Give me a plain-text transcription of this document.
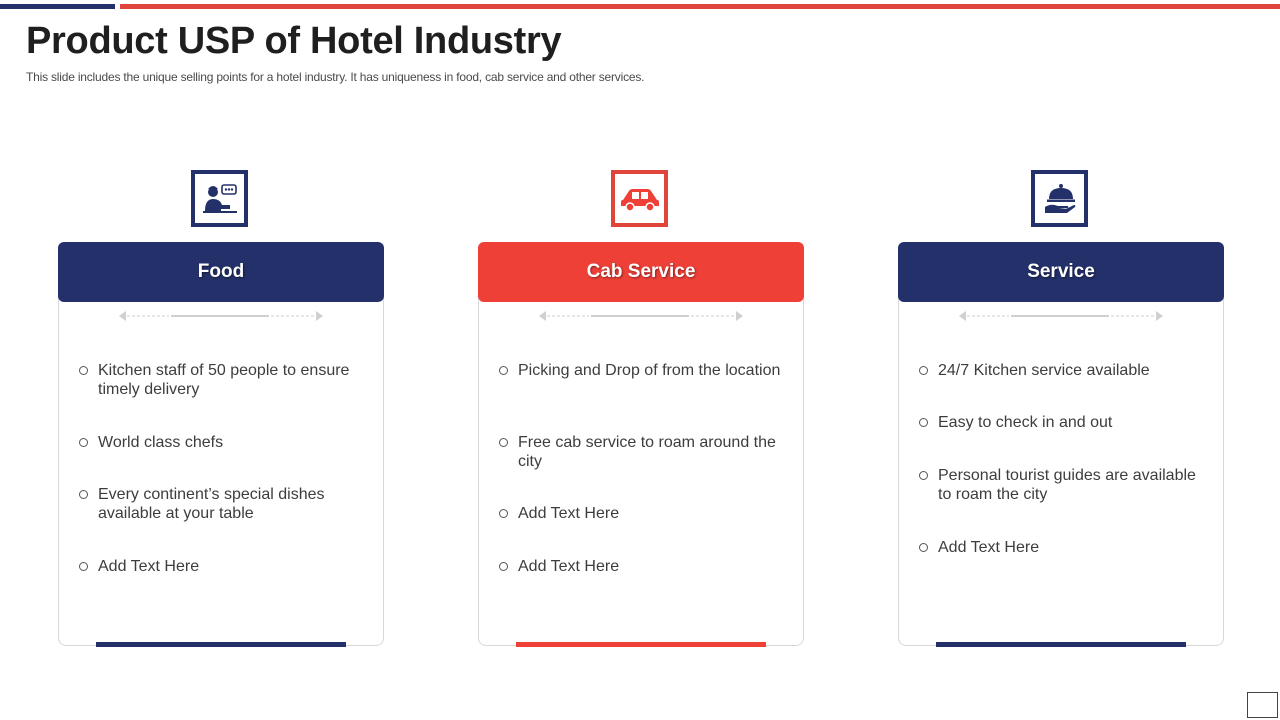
Product USP of Hotel Industry

This slide includes the unique selling points for a hotel industry. It has uniqueness in food, cab service and other services.

Food
Kitchen staff of 50 people to ensure timely delivery
World class chefs
Every continent’s special dishes available at your table
Add Text Here
Cab Service
Picking and Drop of from the location
Free cab service to roam around the city
Add Text Here
Add Text Here
Service
24/7 Kitchen service available
Easy to check in and out
Personal tourist guides are available to roam the city
Add Text Here
